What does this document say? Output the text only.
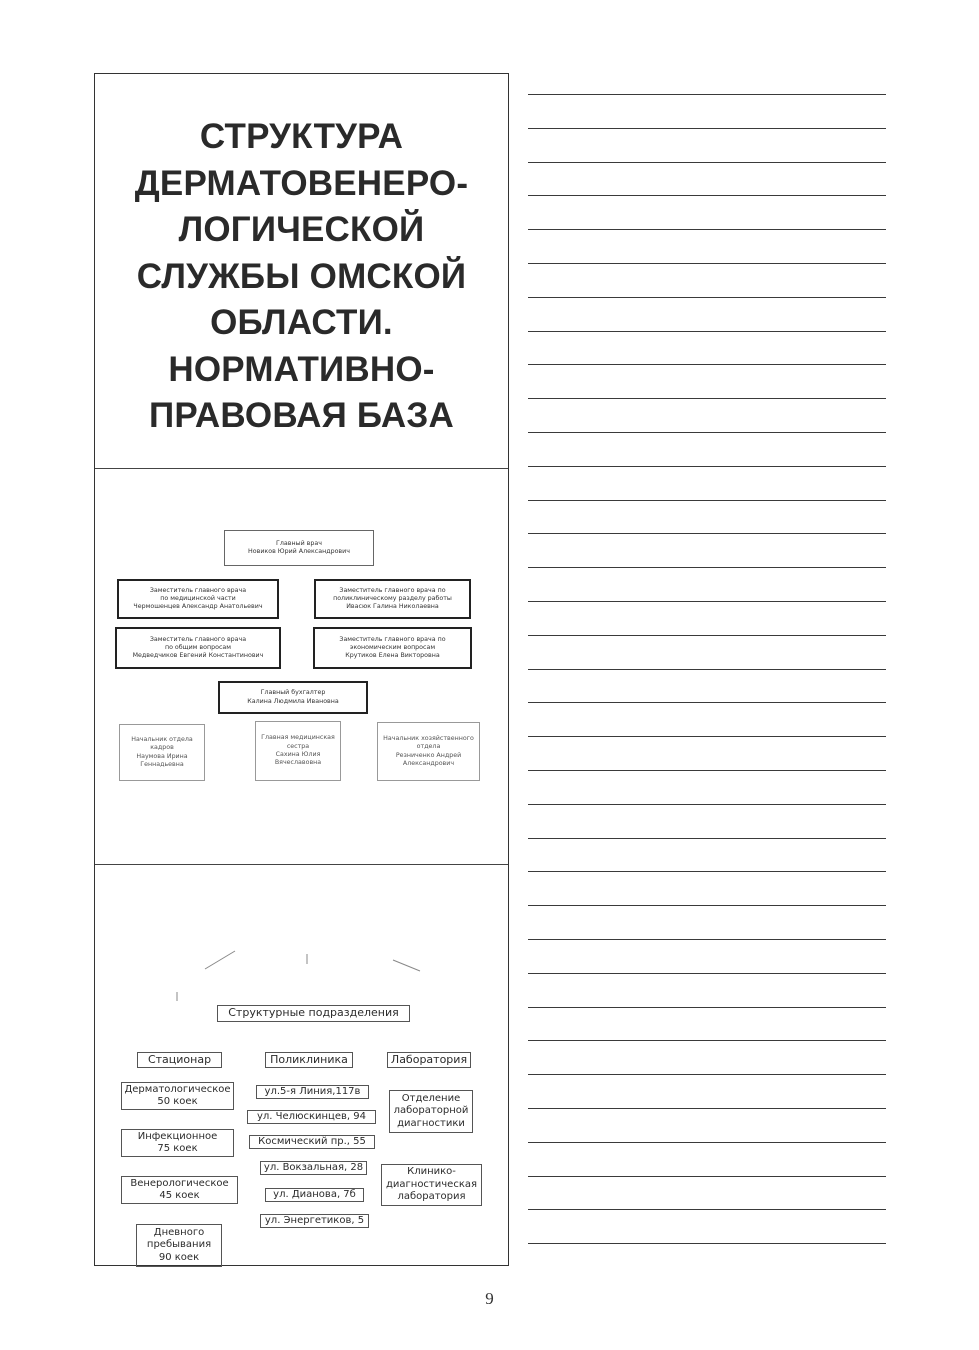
СТРУКТУРА
ДЕРМАТОВЕНЕРО-
ЛОГИЧЕСКОЙ
СЛУЖБЫ ОМСКОЙ
ОБЛАСТИ.
НОРМАТИВНО-
ПРАВОВАЯ БАЗА
Главный врач
Новиков Юрий Александрович
Заместитель главного врача
по медицинской части
Чермошенцев Александр Анатольевич
Заместитель главного врача по
поликлиническому разделу работы
Ивасюк Галина Николаевна
Заместитель главного врача
по общим вопросам
Медведчиков Евгений Константинович
Заместитель главного врача по
экономическим вопросам
Крутиков Елена Викторовна
Главный бухгалтер
Калина Людмила Ивановна
Начальник отдела
кадров
Наумова Ирина
Геннадьевна
Главная медицинская
сестра
Сахина Юлия
Вячеславовна
Начальник хозяйственного
отдела
Резниченко Андрей
Александрович
Структурные подразделения
Стационар	Поликлиника	Лаборатория
Дерматологическое
50 коек
Инфекционное
75 коек
Венерологическое
45 коек
Дневного
пребывания
90 коек
ул.5-я Линия,117в
ул. Челюскинцев, 94
Космический пр., 55
ул. Вокзальная, 28
ул. Дианова, 7б
ул. Энергетиков, 5
Отделение
лабораторной
диагностики
Клинико-
диагностическая
лаборатория
9
